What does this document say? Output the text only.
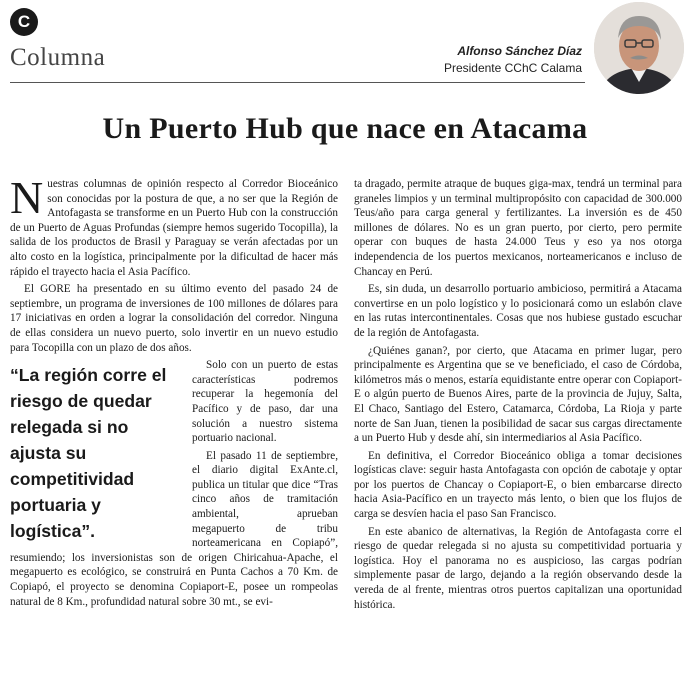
C
Columna	Alfonso Sánchez Díaz
Presidente CChC Calama
Un Puerto Hub que nace en Atacama

Nuestras columnas de opinión respecto al Corredor Bioceánico son conocidas por la postura de que, a no ser que la Región de Antofagasta se transforme en un Puerto Hub con la construcción de un Puerto de Aguas Profundas (siempre hemos sugerido Tocopilla), la salida de los productos de Brasil y Paraguay se verán afectadas por un alto costo en la logística, principalmente por la dificultad de hacer más rápido el trayecto hacia el Asia Pacífico.

El GORE ha presentado en su último evento del pasado 24 de septiembre, un programa de inversiones de 100 millones de dólares para 17 iniciativas en orden a lograr la consolidación del corredor. Ninguna de ellas considera un nuevo puerto, solo invertir en un nuevo estudio para Tocopilla con un plazo de dos años.

“La región corre el riesgo de quedar relegada si no ajusta su competitividad portuaria y logística”.

Solo con un puerto de estas características podremos recuperar la hegemonía del Pacífico y de paso, dar una solución a nuestro sistema portuario nacional.

El pasado 11 de septiembre, el diario digital ExAnte.cl, publica un titular que dice “Tras cinco años de tramitación ambiental, aprueban megapuerto de tribu norteamericana en Copiapó”, resumiendo; los inversionistas son de origen Chiricahua-Apache, el megapuerto es ecológico, se construirá en Punta Cachos a 70 Km. de Copiapó, el proyecto se denomina Copiaport-E, posee un rompeolas natural de 8 Km., profundidad natural sobre 30 mt., se evi-

ta dragado, permite atraque de buques giga-max, tendrá un terminal para graneles limpios y un terminal multipropósito con capacidad de 300.000 Teus/año para carga general y fertilizantes. La inversión es de 450 millones de dólares. No es un gran puerto, por cierto, pero permite operar con buques de hasta 24.000 Teus y eso ya nos otorga independencia de los puertos mexicanos, norteamericanos e incluso de Chancay en Perú.

Es, sin duda, un desarrollo portuario ambicioso, permitirá a Atacama convertirse en un polo logístico y lo posicionará como un eslabón clave en las rutas intercontinentales. Cosas que nos hubiese gustado escuchar de la región de Antofagasta.

¿Quiénes ganan?, por cierto, que Atacama en primer lugar, pero principalmente es Argentina que se ve beneficiado, el caso de Córdoba, kilómetros más o menos, estaría equidistante entre operar con Copiaport-E o algún puerto de Buenos Aires, parte de la provincia de Jujuy, Salta, El Chaco, Santiago del Estero, Catamarca, Córdoba, La Rioja y parte norte de San Juan, tienen la posibilidad de sacar sus cargas directamente a un Puerto Hub y desde ahí, sin intermediarios al Asia Pacífico.

En definitiva, el Corredor Bioceánico obliga a tomar decisiones logísticas clave: seguir hasta Antofagasta con opción de cabotaje y optar por los puertos de Chancay o Copiaport-E, o bien embarcarse directo hacia Asia-Pacífico en un trayecto más lento, o bien que los flujos de carga se desvíen hacia el paso San Francisco.

En este abanico de alternativas, la Región de Antofagasta corre el riesgo de quedar relegada si no ajusta su competitividad portuaria y logística. Hoy el panorama no es auspicioso, las cargas podrían simplemente pasar de largo, dejando a la región observando desde la vereda de al frente, mientras otros puertos capitalizan una oportunidad histórica.
